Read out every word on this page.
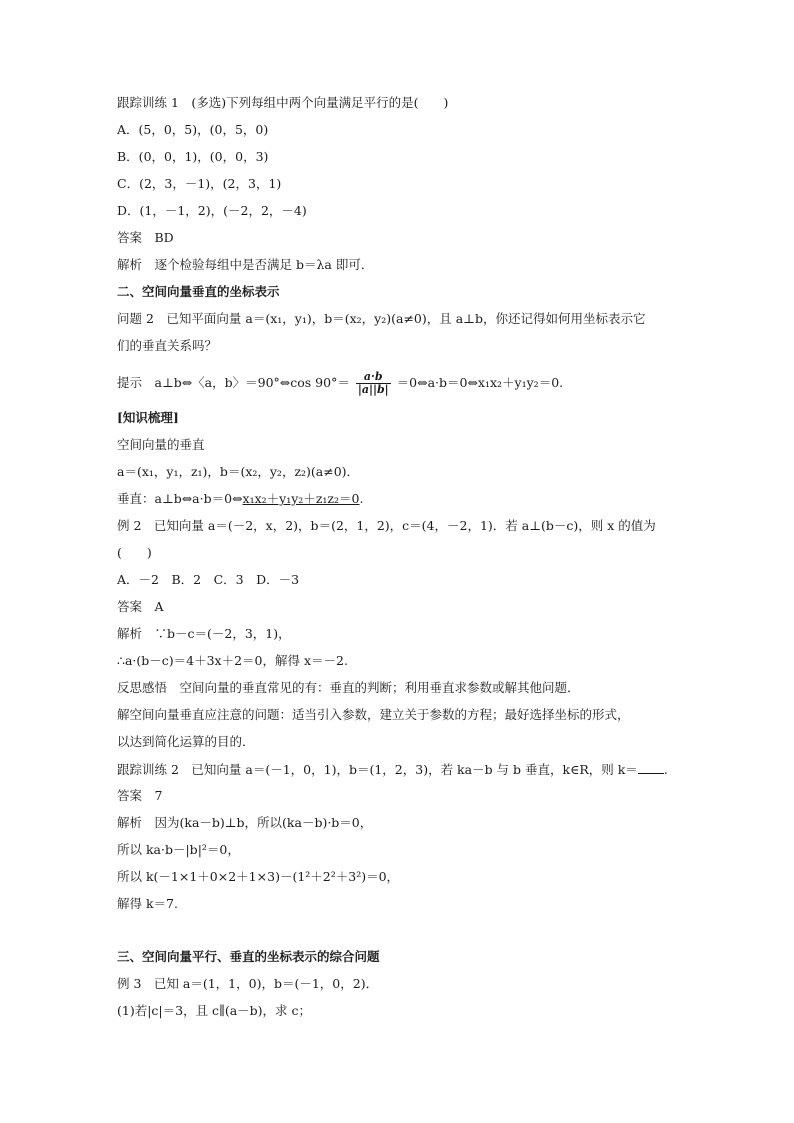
跟踪训练 1　(多选)下列每组中两个向量满足平行的是(　　)
A．(5，0，5)，(0，5，0)
B．(0，0，1)，(0，0，3)
C．(2，3，－1)，(2，3，1)
D．(1，－1，2)，(－2，2，－4)
答案　BD
解析　逐个检验每组中是否满足 b＝λa 即可．
二、空间向量垂直的坐标表示
问题 2　已知平面向量 a＝(x₁，y₁)，b＝(x₂，y₂)(a≠0)，且 a⊥b，你还记得如何用坐标表示它
们的垂直关系吗？
提示　a⊥b⇔〈a，b〉＝90°⇔cos $90^\circ= \frac{a\cdot b}{|a||b|}$ ＝0⇔a·b＝0⇔x₁x₂＋y₁y₂＝0.
[知识梳理]
空间向量的垂直
a＝(x₁，y₁，z₁)，b＝(x₂，y₂，z₂)(a≠0)．
垂直：a⊥b⇔a·b＝0⇔x₁x₂＋y₁y₂＋z₁z₂＝0.
例 2　已知向量 a＝(－2，x，2)，b＝(2，1，2)，c＝(4，－2，1)．若 a⊥(b－c)，则 x 的值为
(　　)
A．－2　B．2　C．3　D．－3
答案　A
解析　∵b－c＝(－2，3，1)，
∴a·(b－c)＝4＋3x＋2＝0，解得 x＝－2.
反思感悟　空间向量的垂直常见的有：垂直的判断；利用垂直求参数或解其他问题．
解空间向量垂直应注意的问题：适当引入参数，建立关于参数的方程；最好选择坐标的形式，
以达到简化运算的目的．
跟踪训练 2　已知向量 a＝(－1，0，1)，b＝(1，2，3)，若 ka－b 与 b 垂直，k∈R，则 k＝ .
答案　7
解析　因为(ka－b)⊥b，所以(ka－b)·b＝0，
所以 ka·b－|b|²＝0，
所以 k(－1×1＋0×2＋1×3)－(1²＋2²＋3²)＝0，
解得 k＝7.
三、空间向量平行、垂直的坐标表示的综合问题
例 3　已知 a＝(1，1，0)，b＝(－1，0，2)．
(1)若|c|＝3，且 c∥(a－b)，求 c；
